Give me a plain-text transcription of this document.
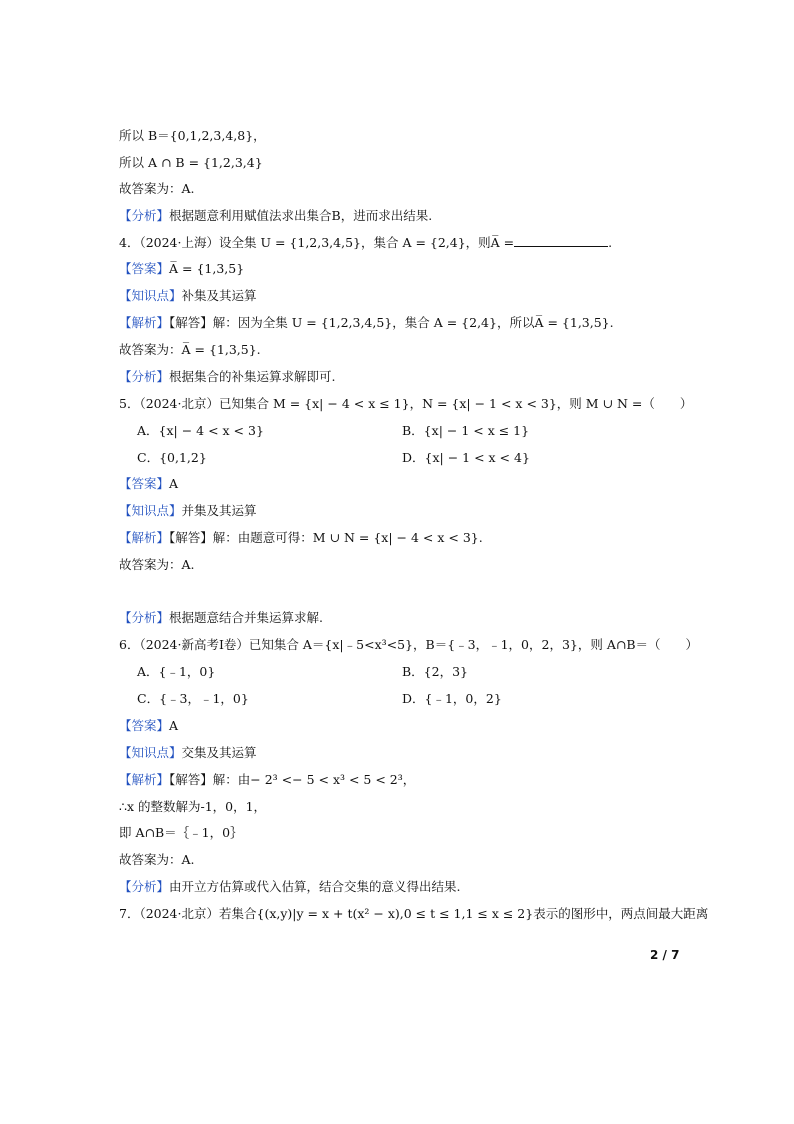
所以 B＝{0,1,2,3,4,8}，
所以 A ∩ B = {1,2,3,4}
故答案为：A.
【分析】根据题意利用赋值法求出集合B，进而求出结果.
4．（2024·上海）设全集 U = {1,2,3,4,5}，集合 A = {2,4}，则A̅ =	.
【答案】A̅ = {1,3,5}
【知识点】补集及其运算
【解析】【解答】解：因为全集 U = {1,2,3,4,5}，集合 A = {2,4}，所以A̅ = {1,3,5}.
故答案为：A̅ = {1,3,5}.
【分析】根据集合的补集运算求解即可.
5．（2024·北京）已知集合 M = {x| − 4 < x ≤ 1}，N = {x| − 1 < x < 3}，则 M ∪ N =（　　）
A．{x| − 4 < x < 3}	B．{x| − 1 < x ≤ 1}
C．{0,1,2}	D．{x| − 1 < x < 4}
【答案】A
【知识点】并集及其运算
【解析】【解答】解：由题意可得：M ∪ N = {x| − 4 < x < 3}.
故答案为：A.
【分析】根据题意结合并集运算求解.
6．（2024·新高考Ⅰ卷）已知集合 A＝{x|﹣5<x³<5}，B＝{﹣3，﹣1，0，2，3}，则 A∩B＝（　　）
A．{﹣1，0}	B．{2，3}
C．{﹣3，﹣1，0}	D．{﹣1，0，2}
【答案】A
【知识点】交集及其运算
【解析】【解答】解：由− 2³ <− 5 < x³ < 5 < 2³，
∴x 的整数解为-1，0，1，
即 A∩B＝｛﹣1，0｝
故答案为：A.
【分析】由开立方估算或代入估算，结合交集的意义得出结果.
7．（2024·北京）若集合{(x,y)|y = x + t(x² − x),0 ≤ t ≤ 1,1 ≤ x ≤ 2}表示的图形中，两点间最大距离
2 / 7
